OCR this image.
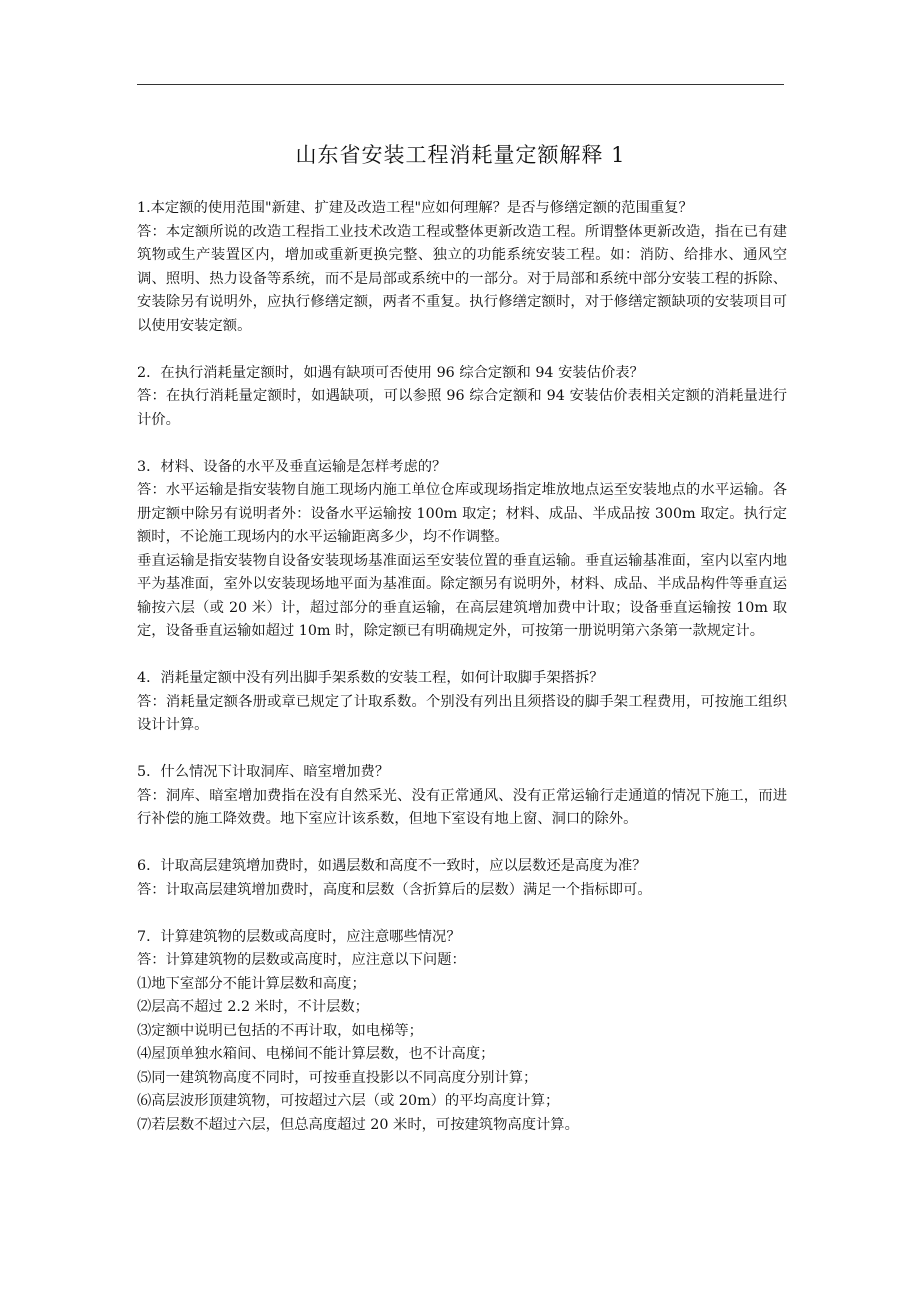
山东省安装工程消耗量定额解释 1

1.本定额的使用范围"新建、扩建及改造工程"应如何理解？是否与修缮定额的范围重复？

答：本定额所说的改造工程指工业技术改造工程或整体更新改造工程。所谓整体更新改造，指在已有建筑物或生产装置区内，增加或重新更换完整、独立的功能系统安装工程。如：消防、给排水、通风空调、照明、热力设备等系统，而不是局部或系统中的一部分。对于局部和系统中部分安装工程的拆除、安装除另有说明外，应执行修缮定额，两者不重复。执行修缮定额时，对于修缮定额缺项的安装项目可以使用安装定额。

2．在执行消耗量定额时，如遇有缺项可否使用 96 综合定额和 94 安装估价表？

答：在执行消耗量定额时，如遇缺项，可以参照 96 综合定额和 94 安装估价表相关定额的消耗量进行计价。

3．材料、设备的水平及垂直运输是怎样考虑的？

答：水平运输是指安装物自施工现场内施工单位仓库或现场指定堆放地点运至安装地点的水平运输。各册定额中除另有说明者外：设备水平运输按 100m 取定；材料、成品、半成品按 300m 取定。执行定额时，不论施工现场内的水平运输距离多少，均不作调整。

垂直运输是指安装物自设备安装现场基准面运至安装位置的垂直运输。垂直运输基准面，室内以室内地平为基准面，室外以安装现场地平面为基准面。除定额另有说明外，材料、成品、半成品构件等垂直运输按六层（或 20 米）计，超过部分的垂直运输，在高层建筑增加费中计取；设备垂直运输按 10m 取定，设备垂直运输如超过 10m 时，除定额已有明确规定外，可按第一册说明第六条第一款规定计。

4．消耗量定额中没有列出脚手架系数的安装工程，如何计取脚手架搭拆？

答：消耗量定额各册或章已规定了计取系数。个别没有列出且须搭设的脚手架工程费用，可按施工组织设计计算。

5．什么情况下计取洞库、暗室增加费？

答：洞库、暗室增加费指在没有自然采光、没有正常通风、没有正常运输行走通道的情况下施工，而进行补偿的施工降效费。地下室应计该系数，但地下室设有地上窗、洞口的除外。

6．计取高层建筑增加费时，如遇层数和高度不一致时，应以层数还是高度为准？

答：计取高层建筑增加费时，高度和层数（含折算后的层数）满足一个指标即可。

7．计算建筑物的层数或高度时，应注意哪些情况？

答：计算建筑物的层数或高度时，应注意以下问题：

⑴地下室部分不能计算层数和高度；

⑵层高不超过 2.2 米时，不计层数；

⑶定额中说明已包括的不再计取，如电梯等；

⑷屋顶单独水箱间、电梯间不能计算层数，也不计高度；

⑸同一建筑物高度不同时，可按垂直投影以不同高度分别计算；

⑹高层波形顶建筑物，可按超过六层（或 20m）的平均高度计算；

⑺若层数不超过六层，但总高度超过 20 米时，可按建筑物高度计算。
